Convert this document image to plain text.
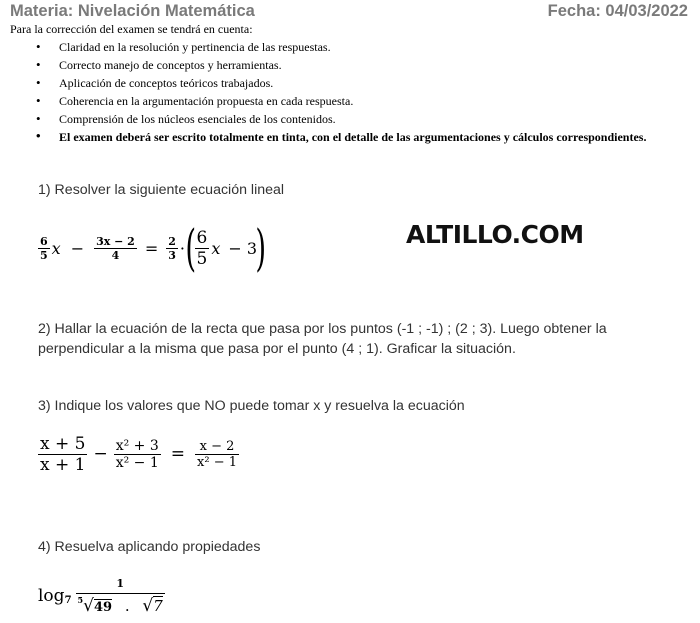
Materia: Nivelación Matemática	Fecha: 04/03/2022
Para la corrección del examen se tendrá en cuenta:
• Claridad en la resolución y pertinencia de las respuestas.
• Correcto manejo de conceptos y herramientas.
• Aplicación de conceptos teóricos trabajados.
• Coherencia en la argumentación propuesta en cada respuesta.
• Comprensión de los núcleos esenciales de los contenidos.
• El examen deberá ser escrito totalmente en tinta, con el detalle de las argumentaciones y cálculos correspondientes.
1) Resolver la siguiente ecuación lineal
$\frac{6}{5}$ $x - \frac{3x - 2}{4} = \frac{2}{3}$ · (
$\frac{6}{5}$ x − 3
)	ALTILLO.COM
2) Hallar la ecuación de la recta que pasa por los puntos (-1 ; -1) ; (2 ; 3). Luego obtener la perpendicular a la misma que pasa por el punto (4 ; 1). Graficar la situación.
3) Indique los valores que NO puede tomar x y resuelva la ecuación
$\frac{x + 5}{x + 1} - \frac{\text{x² + 3}}{\text{x² − 1}} = \frac{x - 2}{\text{x² − 1}}$
4) Resuelva aplicando propiedades
$\log_7 \frac{1}{^5√49 . √7}$
